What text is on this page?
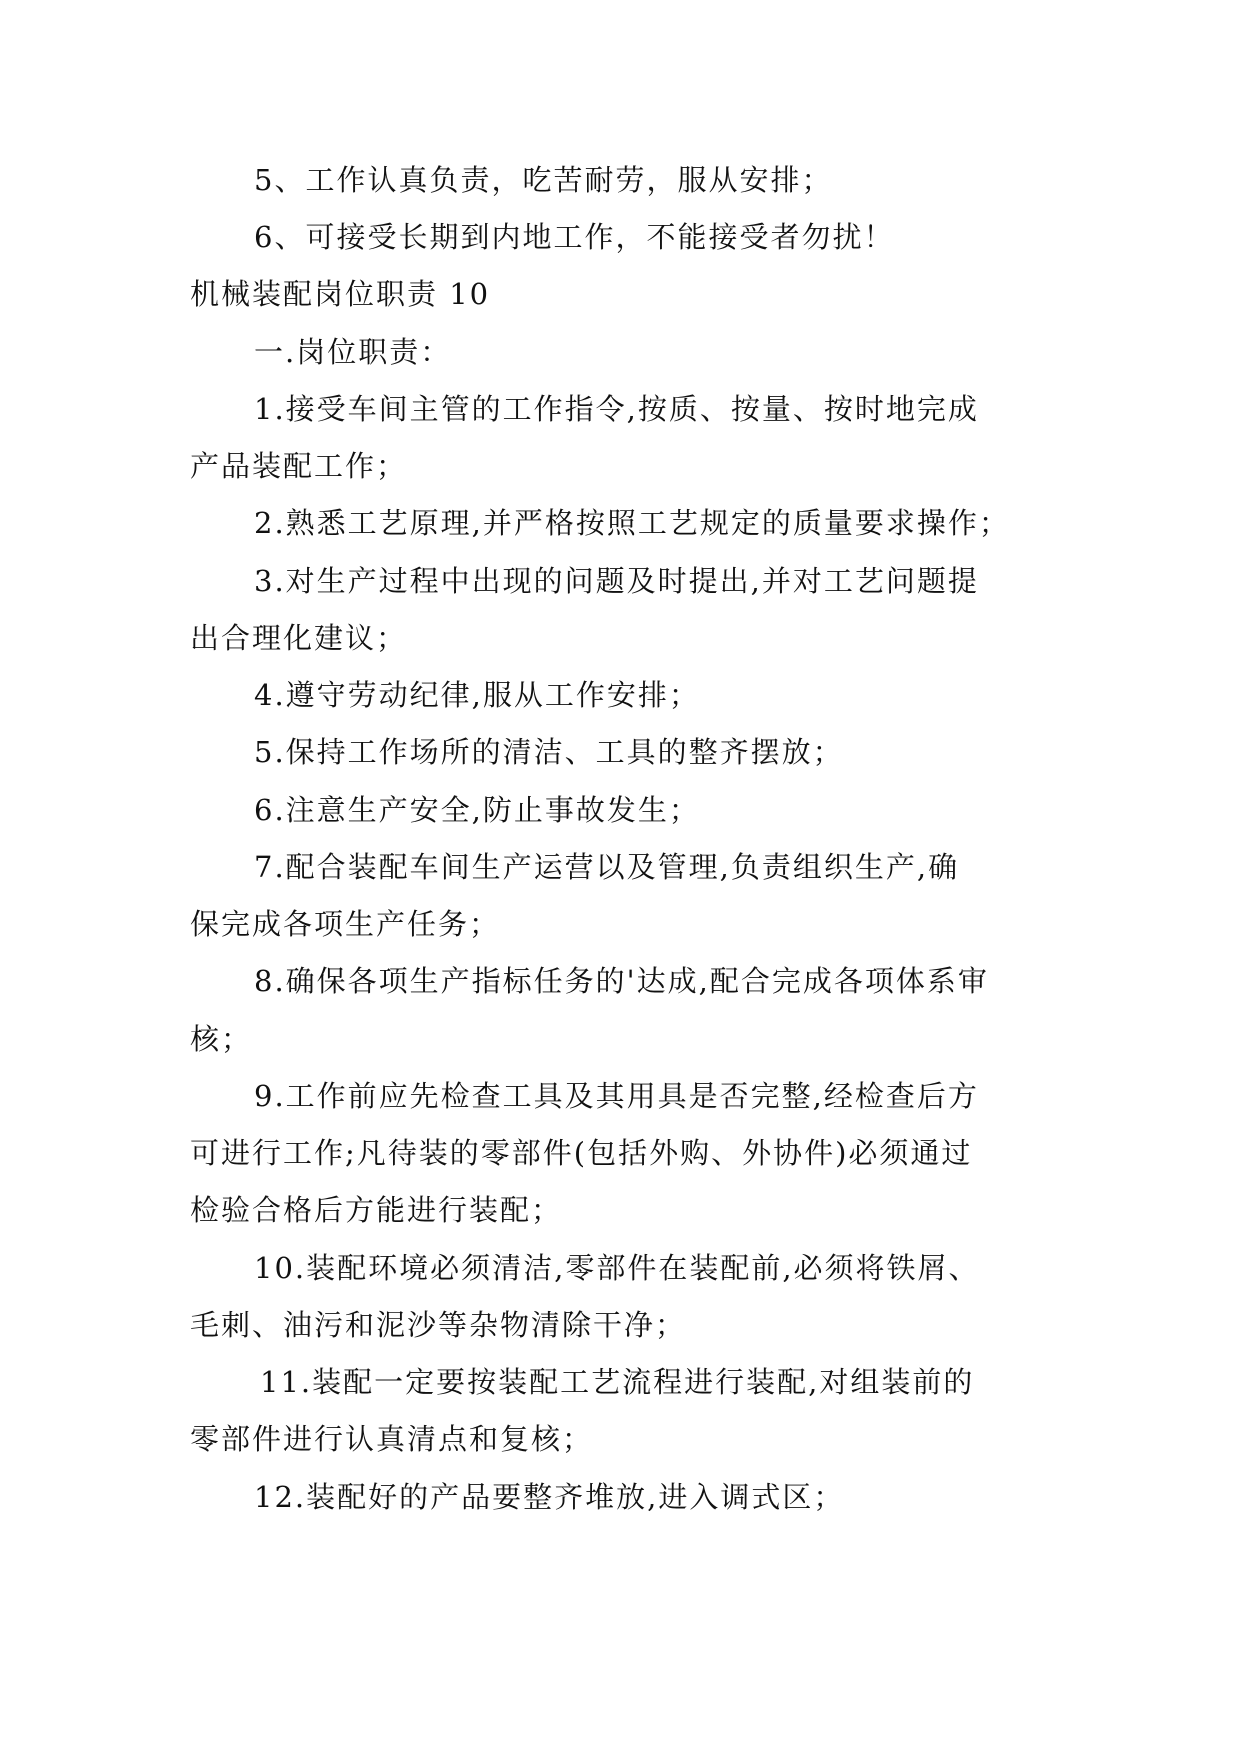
5、工作认真负责，吃苦耐劳，服从安排；
6、可接受长期到内地工作，不能接受者勿扰！
机械装配岗位职责 10
一.岗位职责：
1.接受车间主管的工作指令,按质、按量、按时地完成
产品装配工作；
2.熟悉工艺原理,并严格按照工艺规定的质量要求操作；
3.对生产过程中出现的问题及时提出,并对工艺问题提
出合理化建议；
4.遵守劳动纪律,服从工作安排；
5.保持工作场所的清洁、工具的整齐摆放；
6.注意生产安全,防止事故发生；
7.配合装配车间生产运营以及管理,负责组织生产,确
保完成各项生产任务；
8.确保各项生产指标任务的'达成,配合完成各项体系审
核；
9.工作前应先检查工具及其用具是否完整,经检查后方
可进行工作;凡待装的零部件(包括外购、外协件)必须通过
检验合格后方能进行装配；
10.装配环境必须清洁,零部件在装配前,必须将铁屑、
毛刺、油污和泥沙等杂物清除干净；
11.装配一定要按装配工艺流程进行装配,对组装前的
零部件进行认真清点和复核；
12.装配好的产品要整齐堆放,进入调式区；
